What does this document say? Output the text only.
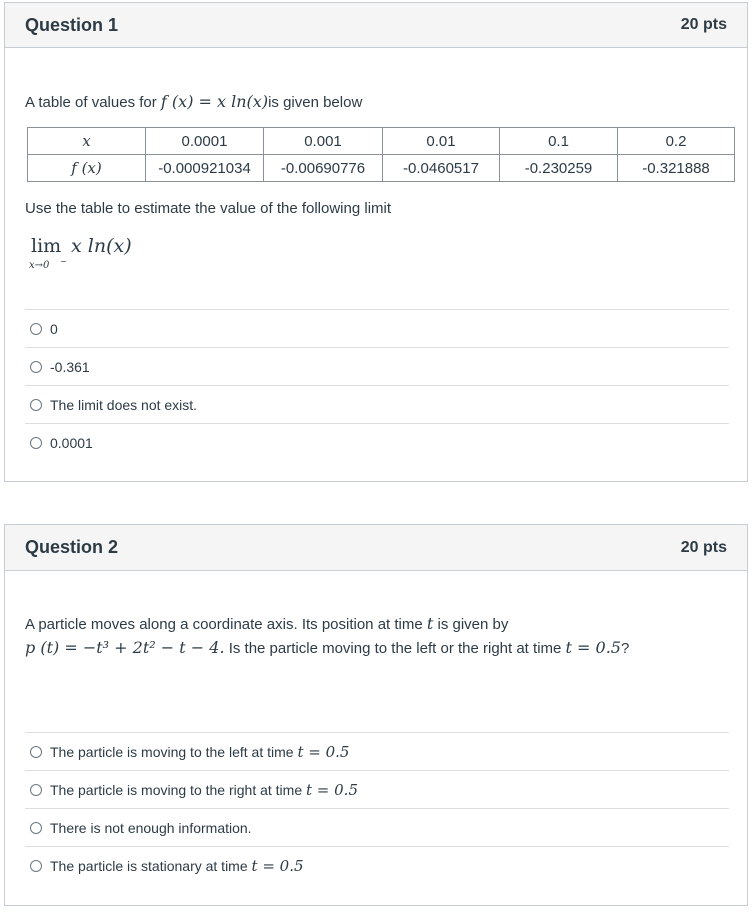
Question 1	20 pts
A table of values for f (x) = x ln(x)is given below
x	0.0001	0.001	0.01	0.1	0.2
f (x)	-0.000921034	-0.00690776	-0.0460517	-0.230259	-0.321888
Use the table to estimate the value of the following limit
lim
x→0 −
x ln(x)
0
-0.361
The limit does not exist.
0.0001
Question 2	20 pts
A particle moves along a coordinate axis. Its position at time t is given by
p (t) = −t³ + 2t² − t − 4. Is the particle moving to the left or the right at time t = 0.5?
The particle is moving to the left at time
t = 0.5
The particle is moving to the right at time
t = 0.5
There is not enough information.
The particle is stationary at time
t = 0.5
